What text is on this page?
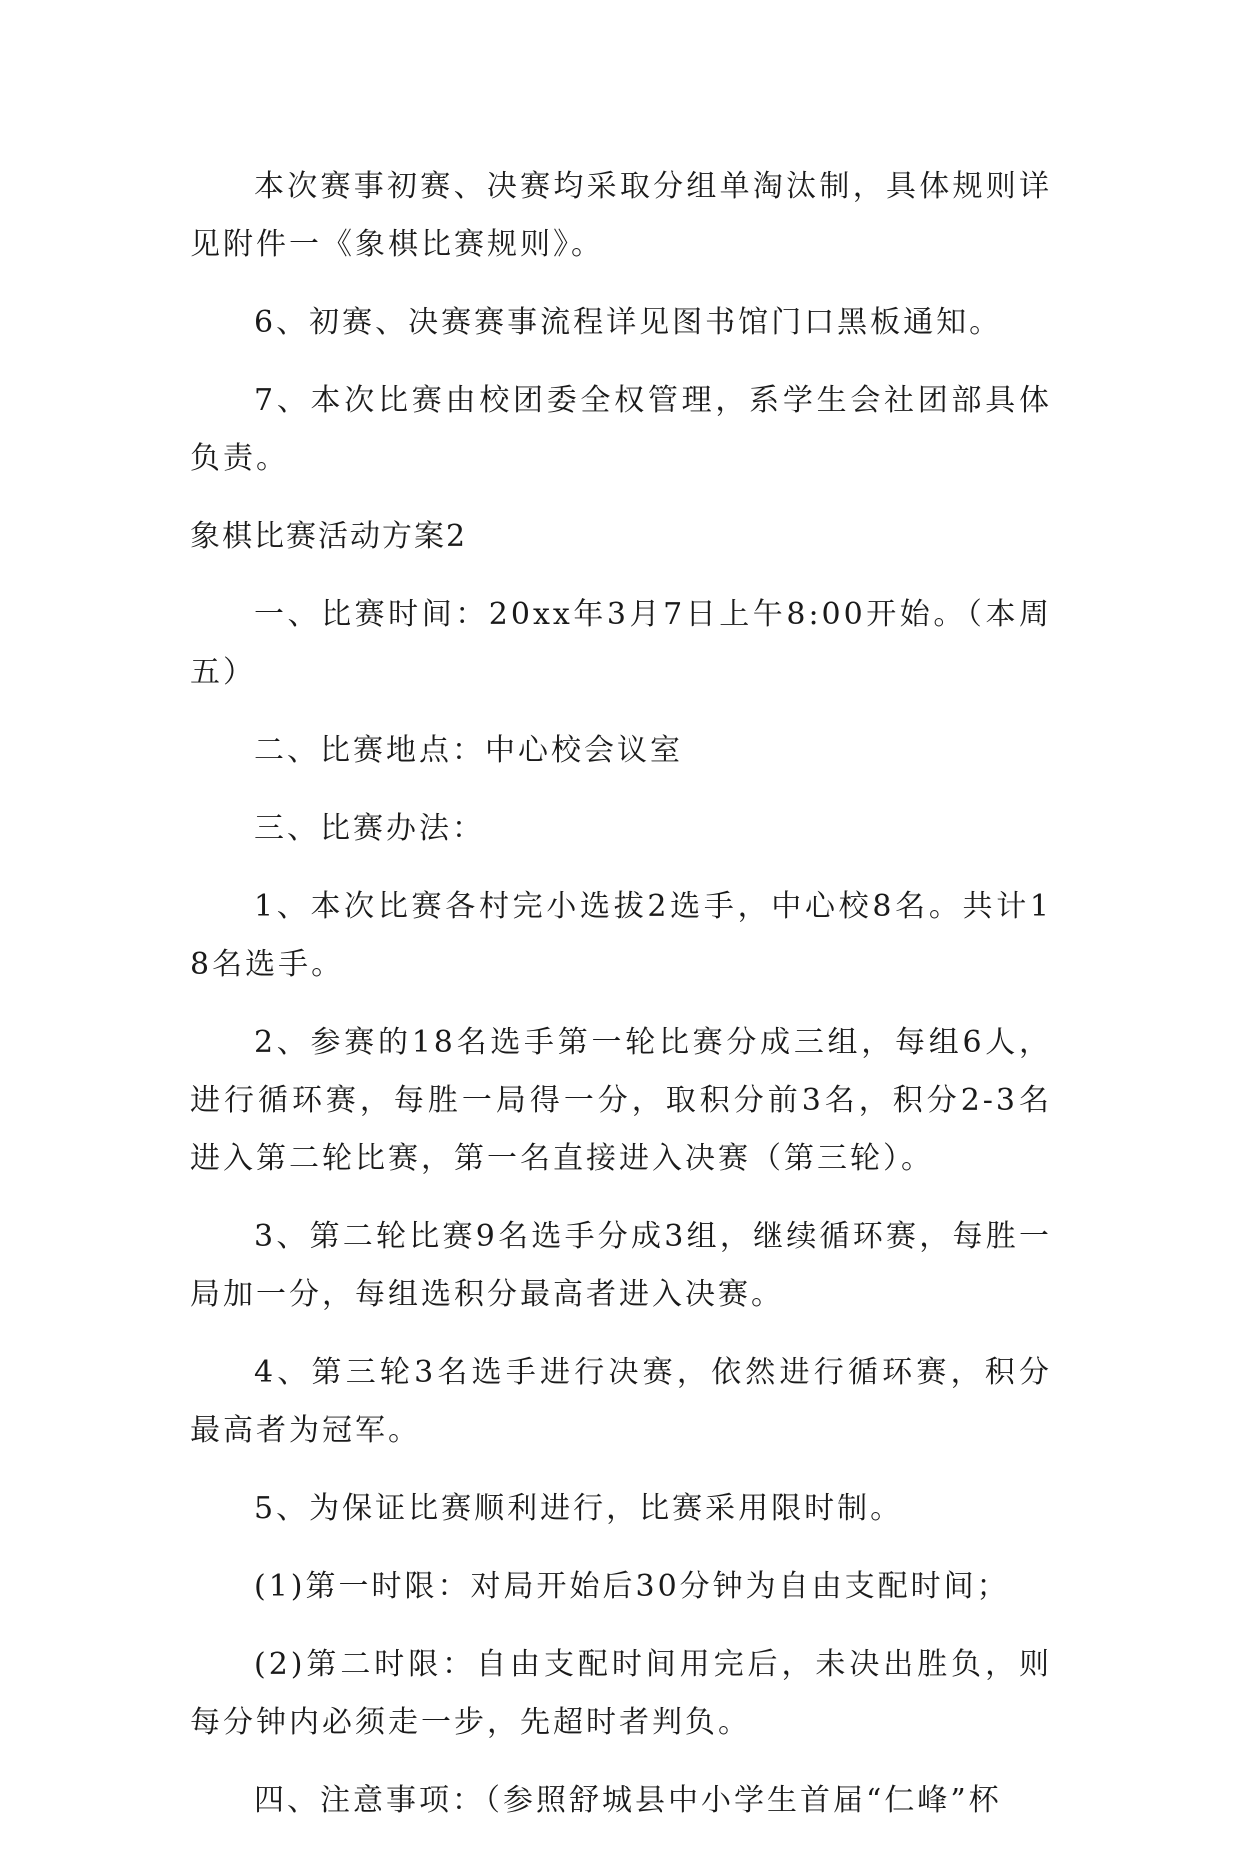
本次赛事初赛、决赛均采取分组单淘汰制，具体规则详见附件一《象棋比赛规则》。

6、初赛、决赛赛事流程详见图书馆门口黑板通知。

7、本次比赛由校团委全权管理，系学生会社团部具体负责。

象棋比赛活动方案2

一、比赛时间：20xx年3月7日上午8:00开始。（本周五）

二、比赛地点：中心校会议室

三、比赛办法：

1、本次比赛各村完小选拔2选手，中心校8名。共计18名选手。

2、参赛的18名选手第一轮比赛分成三组，每组6人，进行循环赛，每胜一局得一分，取积分前3名，积分2-3名进入第二轮比赛，第一名直接进入决赛（第三轮）。

3、第二轮比赛9名选手分成3组，继续循环赛，每胜一局加一分，每组选积分最高者进入决赛。

4、第三轮3名选手进行决赛，依然进行循环赛，积分最高者为冠军。

5、为保证比赛顺利进行，比赛采用限时制。

(1)第一时限：对局开始后30分钟为自由支配时间；

(2)第二时限：自由支配时间用完后，未决出胜负，则每分钟内必须走一步，先超时者判负。

四、注意事项：（参照舒城县中小学生首届“仁峰”杯
